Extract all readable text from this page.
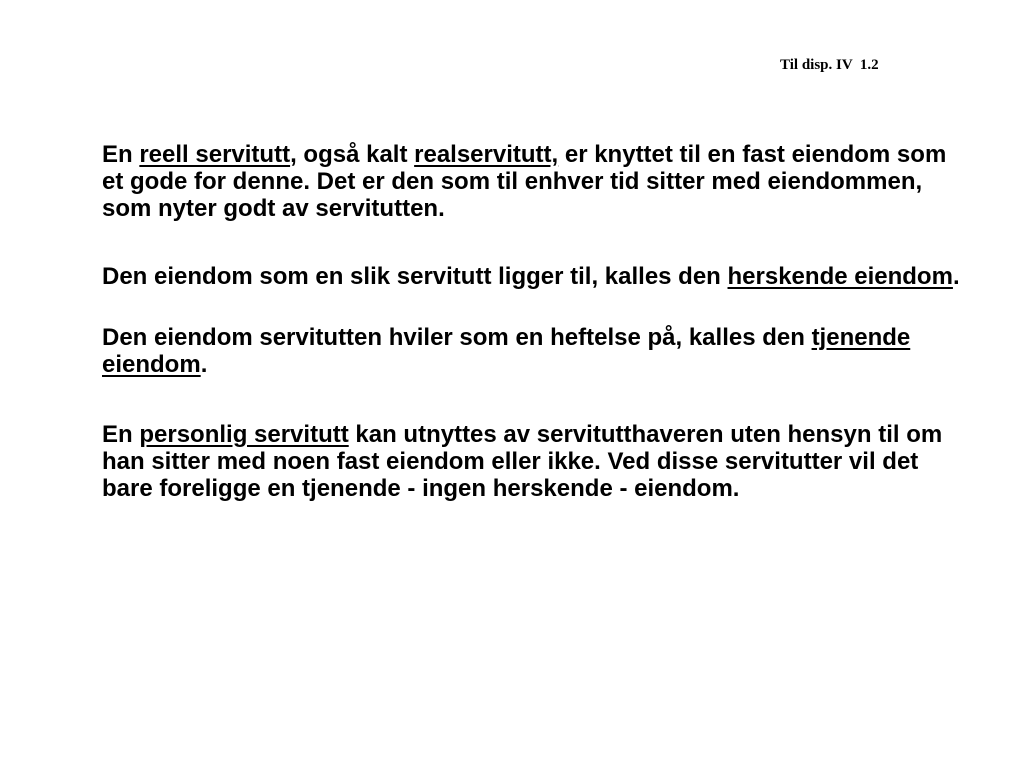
Til disp. IV  1.2

En reell servitutt, også kalt realservitutt, er knyttet til en fast eiendom som et gode for denne. Det er den som til enhver tid sitter med eiendommen, som nyter godt av servitutten.

Den eiendom som en slik servitutt ligger til, kalles den herskende eiendom.

Den eiendom servitutten hviler som en heftelse på, kalles den tjenende eiendom.

En personlig servitutt kan utnyttes av servitutthaveren uten hensyn til om han sitter med noen fast eiendom eller ikke. Ved disse servitutter vil det bare foreligge en tjenende - ingen herskende - eiendom.
